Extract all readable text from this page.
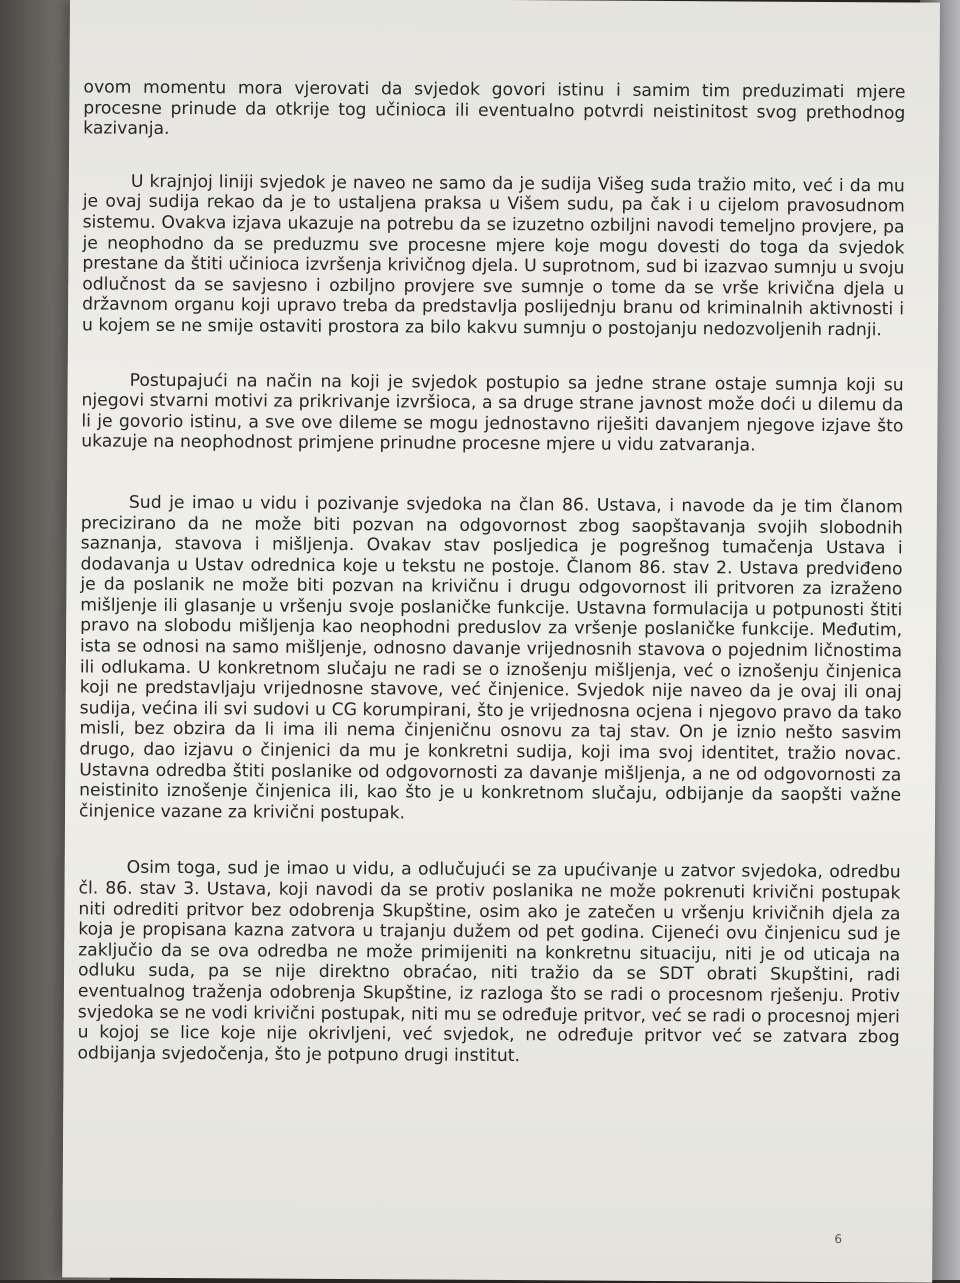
ovom momentu mora vjerovati da svjedok govori istinu i samim tim preduzimati mjere procesne prinude da otkrije tog učinioca ili eventualno potvrdi neistinitost svog prethodnog kazivanja.

U krajnjoj liniji svjedok je naveo ne samo da je sudija Višeg suda tražio mito, već i da mu je ovaj sudija rekao da je to ustaljena praksa u Višem sudu, pa čak i u cijelom pravosudnom sistemu. Ovakva izjava ukazuje na potrebu da se izuzetno ozbiljni navodi temeljno provjere, pa je neophodno da se preduzmu sve procesne mjere koje mogu dovesti do toga da svjedok prestane da štiti učinioca izvršenja krivičnog djela. U suprotnom, sud bi izazvao sumnju u svoju odlučnost da se savjesno i ozbiljno provjere sve sumnje o tome da se vrše krivična djela u državnom organu koji upravo treba da predstavlja poslijednju branu od kriminalnih aktivnosti i u kojem se ne smije ostaviti prostora za bilo kakvu sumnju o postojanju nedozvoljenih radnji.

Postupajući na način na koji je svjedok postupio sa jedne strane ostaje sumnja koji su njegovi stvarni motivi za prikrivanje izvršioca, a sa druge strane javnost može doći u dilemu da li je govorio istinu, a sve ove dileme se mogu jednostavno riješiti davanjem njegove izjave što ukazuje na neophodnost primjene prinudne procesne mjere u vidu zatvaranja.

Sud je imao u vidu i pozivanje svjedoka na član 86. Ustava, i navode da je tim članom precizirano da ne može biti pozvan na odgovornost zbog saopštavanja svojih slobodnih saznanja, stavova i mišljenja. Ovakav stav posljedica je pogrešnog tumačenja Ustava i dodavanja u Ustav odrednica koje u tekstu ne postoje. Članom 86. stav 2. Ustava predviđeno je da poslanik ne može biti pozvan na krivičnu i drugu odgovornost ili pritvoren za izraženo mišljenje ili glasanje u vršenju svoje poslaničke funkcije. Ustavna formulacija u potpunosti štiti pravo na slobodu mišljenja kao neophodni preduslov za vršenje poslaničke funkcije. Međutim, ista se odnosi na samo mišljenje, odnosno davanje vrijednosnih stavova o pojednim ličnostima ili odlukama. U konkretnom slučaju ne radi se o iznošenju mišljenja, već o iznošenju činjenica koji ne predstavljaju vrijednosne stavove, već činjenice. Svjedok nije naveo da je ovaj ili onaj sudija, većina ili svi sudovi u CG korumpirani, što je vrijednosna ocjena i njegovo pravo da tako misli, bez obzira da li ima ili nema činjeničnu osnovu za taj stav. On je iznio nešto sasvim drugo, dao izjavu o činjenici da mu je konkretni sudija, koji ima svoj identitet, tražio novac. Ustavna odredba štiti poslanike od odgovornosti za davanje mišljenja, a ne od odgovornosti za neistinito iznošenje činjenica ili, kao što je u konkretnom slučaju, odbijanje da saopšti važne činjenice vazane za krivični postupak.

Osim toga, sud je imao u vidu, a odlučujući se za upućivanje u zatvor svjedoka, odredbu čl. 86. stav 3. Ustava, koji navodi da se protiv poslanika ne može pokrenuti krivični postupak niti odrediti pritvor bez odobrenja Skupštine, osim ako je zatečen u vršenju krivičnih djela za koja je propisana kazna zatvora u trajanju dužem od pet godina. Cijeneći ovu činjenicu sud je zaključio da se ova odredba ne može primijeniti na konkretnu situaciju, niti je od uticaja na odluku suda, pa se nije direktno obraćao, niti tražio da se SDT obrati Skupštini, radi eventualnog traženja odobrenja Skupštine, iz razloga što se radi o procesnom rješenju. Protiv svjedoka se ne vodi krivični postupak, niti mu se određuje pritvor, već se radi o procesnoj mjeri u kojoj se lice koje nije okrivljeni, već svjedok, ne određuje pritvor već se zatvara zbog odbijanja svjedočenja, što je potpuno drugi institut.

6
